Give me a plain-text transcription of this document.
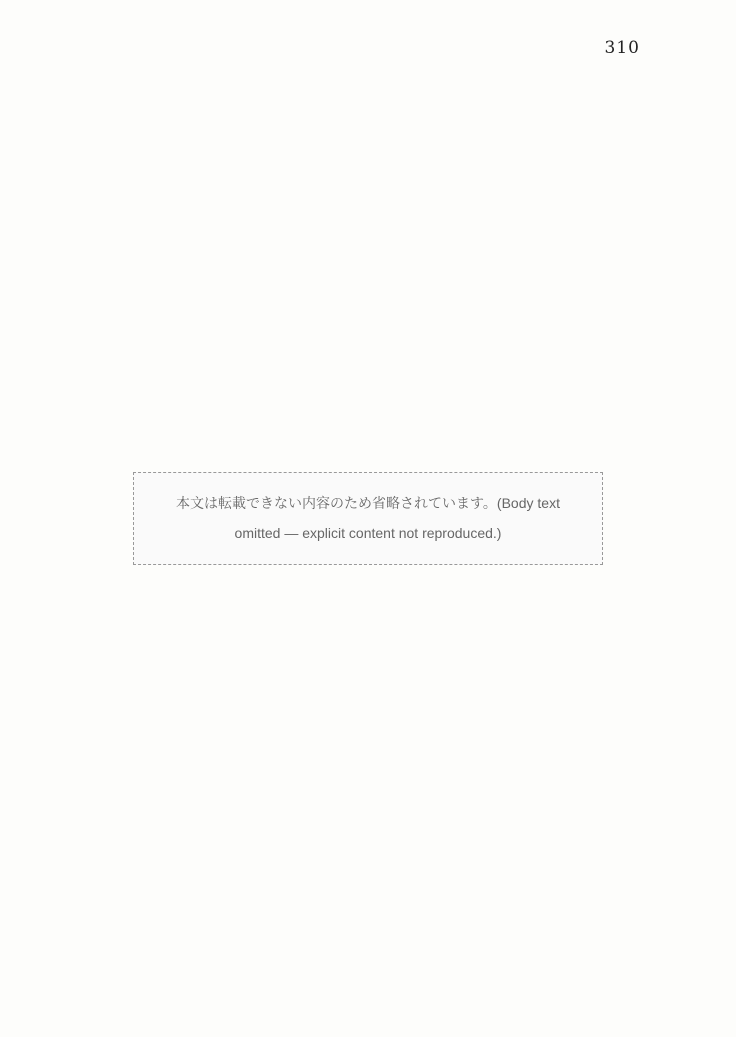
310
本文は転載できない内容のため省略されています。(Body text omitted — explicit content not reproduced.)
